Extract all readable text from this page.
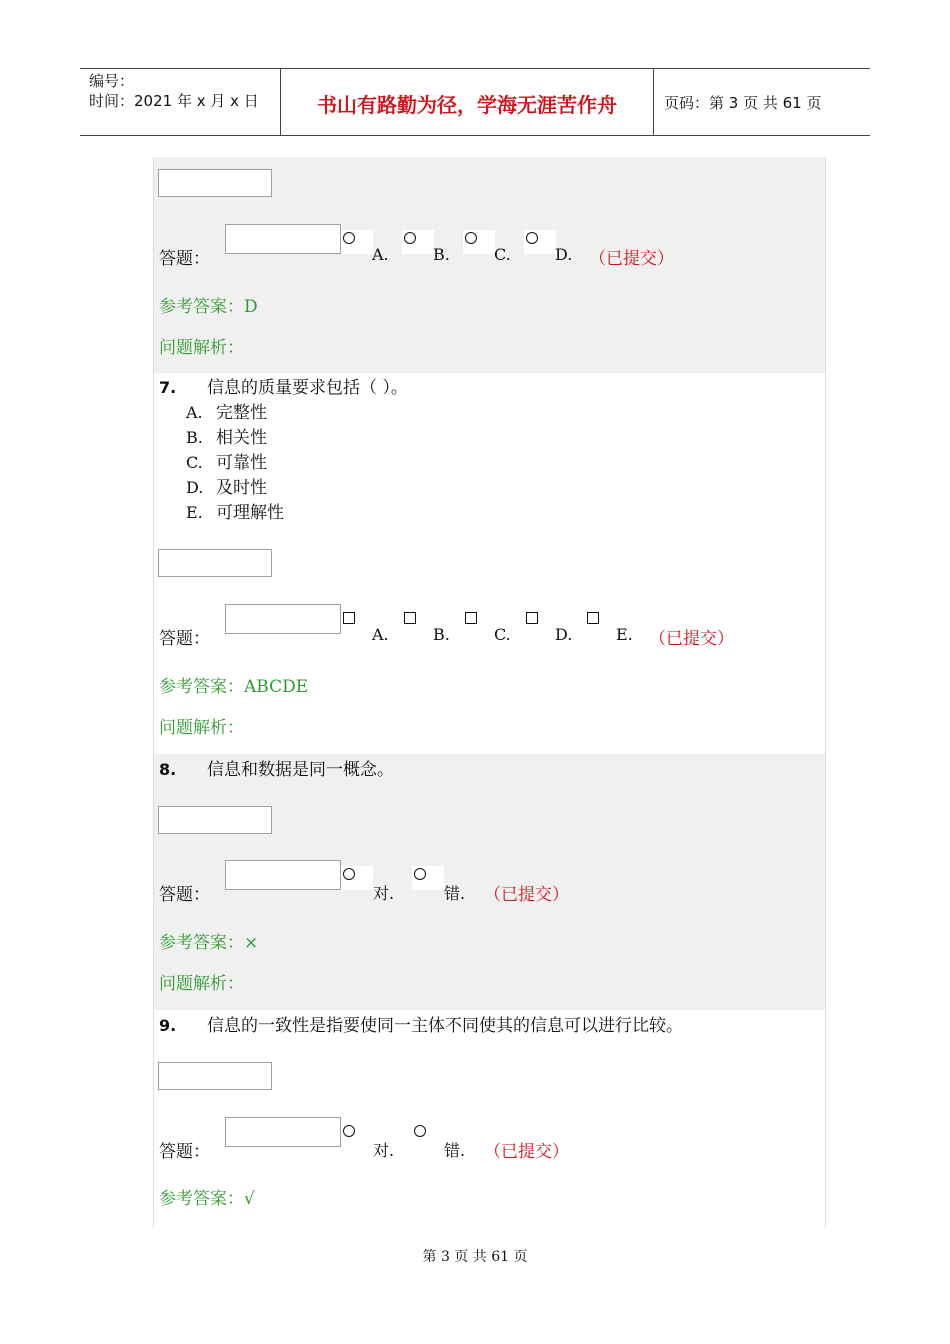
编号：
时间：2021 年 x 月 x 日	书山有路勤为径，学海无涯苦作舟	页码：第 3 页 共 61 页
答题：	A.	B.	C.	D. （已提交）
参考答案：D
问题解析：
7. 信息的质量要求包括（ ）。
A. 完整性
B. 相关性
C. 可靠性
D. 及时性
E. 可理解性
答题：	A.	B.	C.	D.	E. （已提交）
参考答案：ABCDE
问题解析：
8. 信息和数据是同一概念。
答题：	对.	错. （已提交）
参考答案：×
问题解析：
9. 信息的一致性是指要使同一主体不同使其的信息可以进行比较。
答题：	对.	错. （已提交）
参考答案：√
第 3 页 共 61 页
